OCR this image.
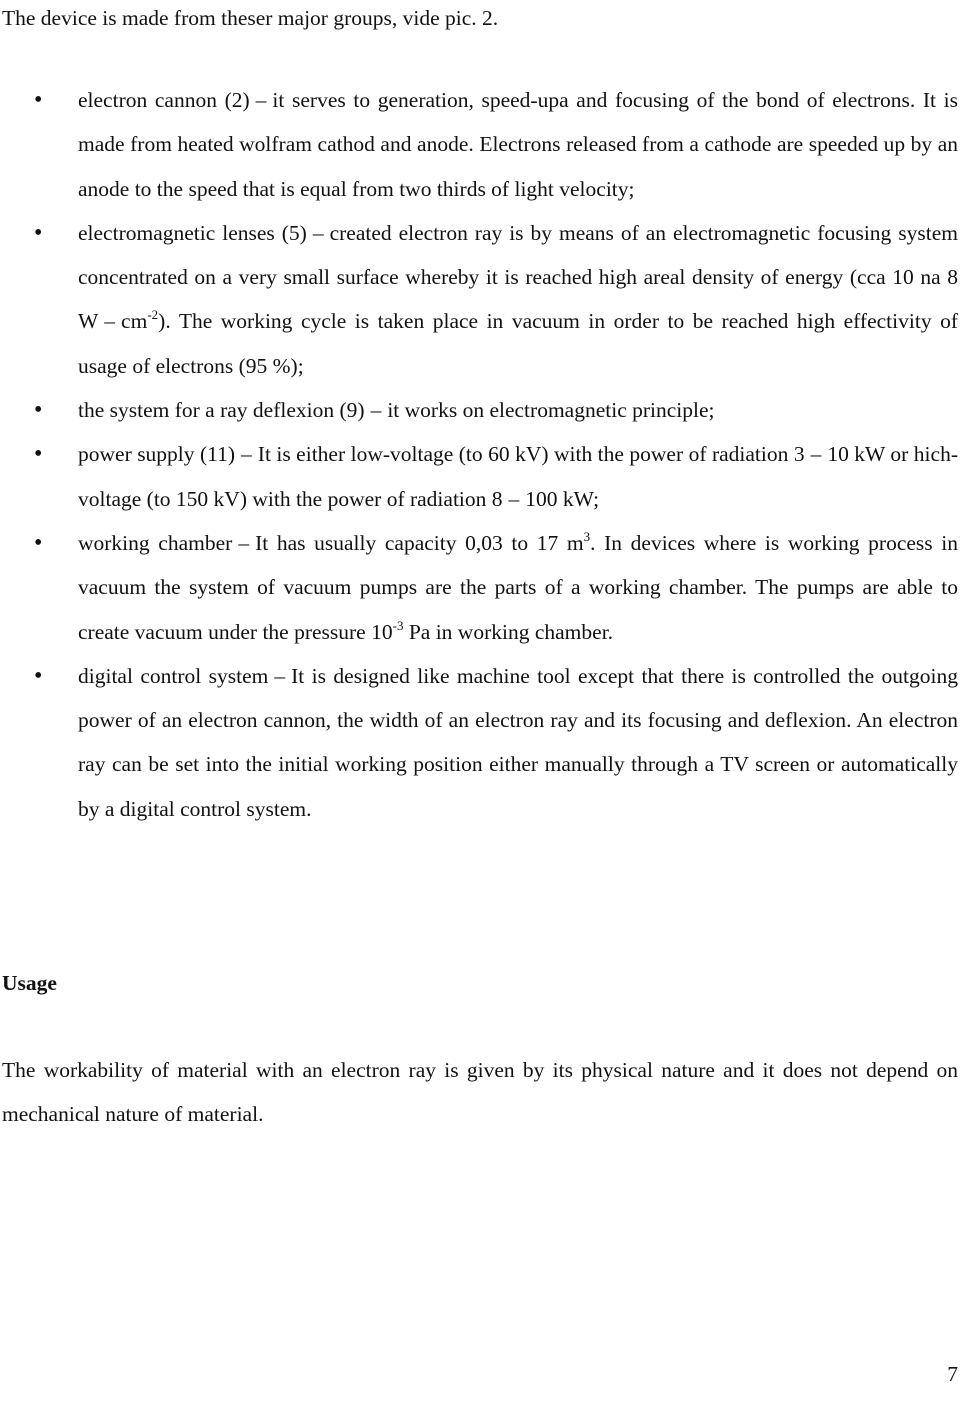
The device is made from theser major groups, vide pic. 2.

• electron cannon (2) – it serves to generation, speed-upa and focusing of the bond of electrons. It is made from heated wolfram cathod and anode. Electrons released from a cathode are speeded up by an anode to the speed that is equal from two thirds of light velocity;

• electromagnetic lenses (5) – created electron ray is by means of an electromagnetic focusing system concentrated on a very small surface whereby it is reached high areal density of energy (cca 10 na 8 W – $cm^{-2}$). The working cycle is taken place in vacuum in order to be reached high effectivity of usage of electrons (95 %);

• the system for a ray deflexion (9) – it works on electromagnetic principle;

• power supply (11) – It is either low-voltage (to 60 kV) with the power of radiation 3 – 10 kW or hich-voltage (to 150 kV) with the power of radiation 8 – 100 kW;

• working chamber – It has usually capacity 0,03 to 17 $m^3$. In devices where is working process in vacuum the system of vacuum pumps are the parts of a working chamber. The pumps are able to create vacuum under the pressure $10^{-3}$ Pa in working chamber.

• digital control system – It is designed like machine tool except that there is controlled the outgoing power of an electron cannon, the width of an electron ray and its focusing and deflexion. An electron ray can be set into the initial working position either manually through a TV screen or automatically by a digital control system.

Usage

The workability of material with an electron ray is given by its physical nature and it does not depend on mechanical nature of material.

7
